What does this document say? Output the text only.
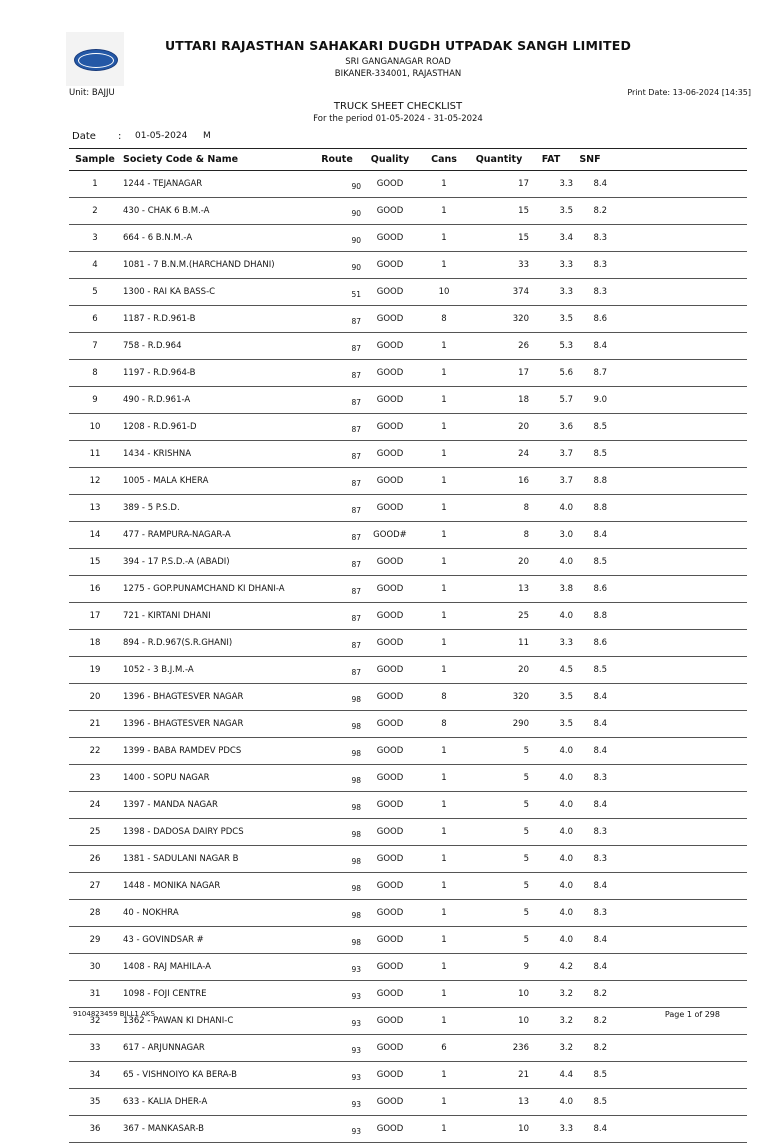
UTTARI RAJASTHAN SAHAKARI DUGDH UTPADAK SANGH LIMITED
SRI GANGANAGAR ROAD
BIKANER-334001, RAJASTHAN
Unit: BAJJU	Print Date: 13-06-2024 [14:35]
TRUCK SHEET CHECKLIST
For the period 01-05-2024 - 31-05-2024
Date : 01-05-2024 M
Sample	Society Code & Name	Route	Quality	Cans	Quantity	FAT	SNF	
1	1244 - TEJANAGAR	90	GOOD	1	17	3.3	8.4	
2	430 - CHAK 6 B.M.-A	90	GOOD	1	15	3.5	8.2	
3	664 - 6 B.N.M.-A	90	GOOD	1	15	3.4	8.3	
4	1081 - 7 B.N.M.(HARCHAND DHANI)	90	GOOD	1	33	3.3	8.3	
5	1300 - RAI KA BASS-C	51	GOOD	10	374	3.3	8.3	
6	1187 - R.D.961-B	87	GOOD	8	320	3.5	8.6	
7	758 - R.D.964	87	GOOD	1	26	5.3	8.4	
8	1197 - R.D.964-B	87	GOOD	1	17	5.6	8.7	
9	490 - R.D.961-A	87	GOOD	1	18	5.7	9.0	
10	1208 - R.D.961-D	87	GOOD	1	20	3.6	8.5	
11	1434 - KRISHNA	87	GOOD	1	24	3.7	8.5	
12	1005 - MALA KHERA	87	GOOD	1	16	3.7	8.8	
13	389 - 5 P.S.D.	87	GOOD	1	8	4.0	8.8	
14	477 - RAMPURA-NAGAR-A	87	GOOD#	1	8	3.0	8.4	
15	394 - 17 P.S.D.-A (ABADI)	87	GOOD	1	20	4.0	8.5	
16	1275 - GOP.PUNAMCHAND KI DHANI-A	87	GOOD	1	13	3.8	8.6	
17	721 - KIRTANI DHANI	87	GOOD	1	25	4.0	8.8	
18	894 - R.D.967(S.R.GHANI)	87	GOOD	1	11	3.3	8.6	
19	1052 - 3 B.J.M.-A	87	GOOD	1	20	4.5	8.5	
20	1396 - BHAGTESVER NAGAR	98	GOOD	8	320	3.5	8.4	
21	1396 - BHAGTESVER NAGAR	98	GOOD	8	290	3.5	8.4	
22	1399 - BABA RAMDEV PDCS	98	GOOD	1	5	4.0	8.4	
23	1400 - SOPU NAGAR	98	GOOD	1	5	4.0	8.3	
24	1397 - MANDA NAGAR	98	GOOD	1	5	4.0	8.4	
25	1398 - DADOSA DAIRY PDCS	98	GOOD	1	5	4.0	8.3	
26	1381 - SADULANI NAGAR B	98	GOOD	1	5	4.0	8.3	
27	1448 - MONIKA NAGAR	98	GOOD	1	5	4.0	8.4	
28	40 - NOKHRA	98	GOOD	1	5	4.0	8.3	
29	43 - GOVINDSAR #	98	GOOD	1	5	4.0	8.4	
30	1408 - RAJ MAHILA-A	93	GOOD	1	9	4.2	8.4	
31	1098 - FOJI CENTRE	93	GOOD	1	10	3.2	8.2	
32	1362 - PAWAN KI DHANI-C	93	GOOD	1	10	3.2	8.2	
33	617 - ARJUNNAGAR	93	GOOD	6	236	3.2	8.2	
34	65 - VISHNOIYO KA BERA-B	93	GOOD	1	21	4.4	8.5	
35	633 - KALIA DHER-A	93	GOOD	1	13	4.0	8.5	
36	367 - MANKASAR-B	93	GOOD	1	10	3.3	8.4	
9104823459 BILL1 AKS	Page 1 of 298
